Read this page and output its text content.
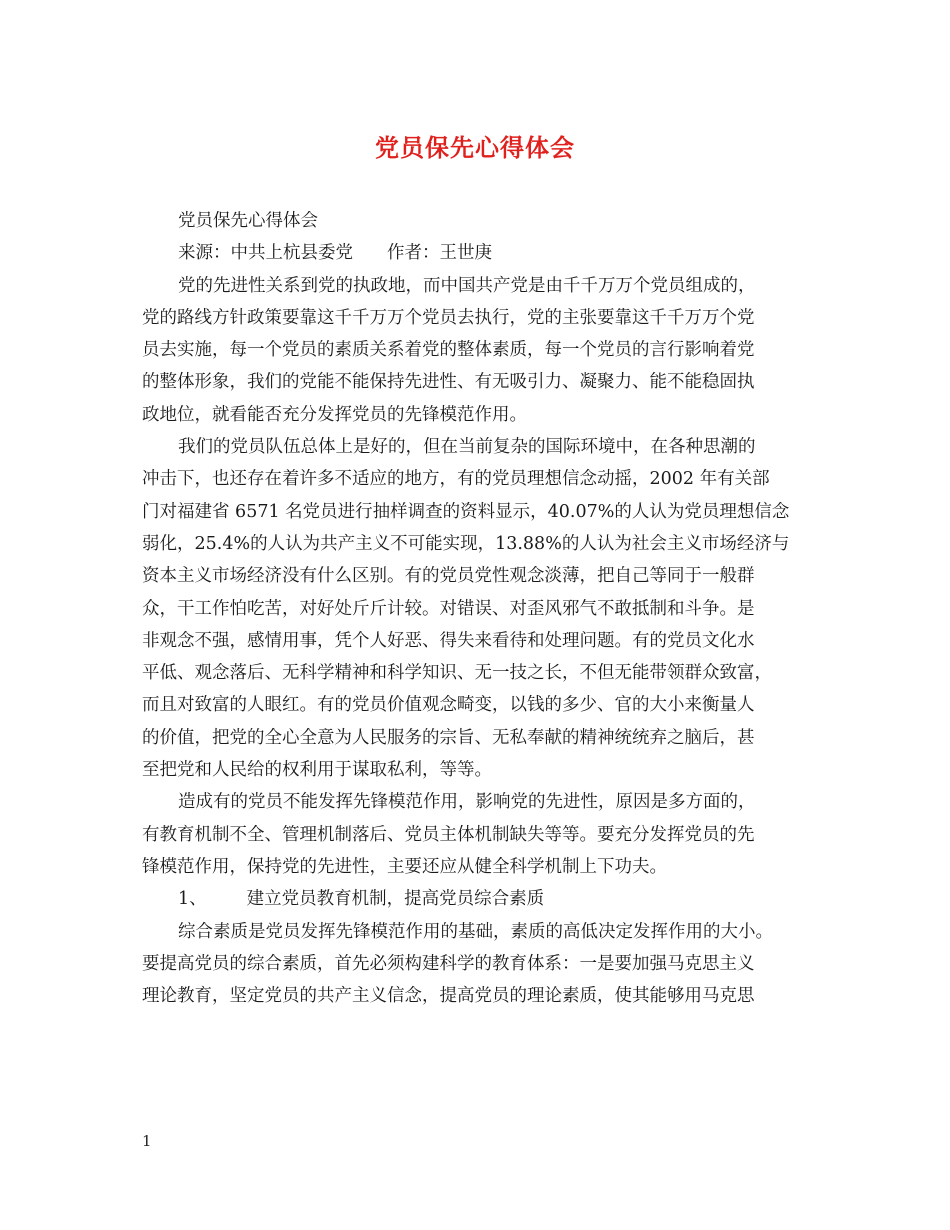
党员保先心得体会
党员保先心得体会
来源：中共上杭县委党 作者：王世庚
党的先进性关系到党的执政地，而中国共产党是由千千万万个党员组成的，
党的路线方针政策要靠这千千万万个党员去执行，党的主张要靠这千千万万个党
员去实施，每一个党员的素质关系着党的整体素质，每一个党员的言行影响着党
的整体形象，我们的党能不能保持先进性、有无吸引力、凝聚力、能不能稳固执
政地位，就看能否充分发挥党员的先锋模范作用。
我们的党员队伍总体上是好的，但在当前复杂的国际环境中，在各种思潮的
冲击下，也还存在着许多不适应的地方，有的党员理想信念动摇，2002 年有关部
门对福建省 6571 名党员进行抽样调查的资料显示，40.07%的人认为党员理想信念
弱化，25.4%的人认为共产主义不可能实现，13.88%的人认为社会主义市场经济与
资本主义市场经济没有什么区别。有的党员党性观念淡薄，把自己等同于一般群
众，干工作怕吃苦，对好处斤斤计较。对错误、对歪风邪气不敢抵制和斗争。是
非观念不强，感情用事，凭个人好恶、得失来看待和处理问题。有的党员文化水
平低、观念落后、无科学精神和科学知识、无一技之长，不但无能带领群众致富，
而且对致富的人眼红。有的党员价值观念畸变，以钱的多少、官的大小来衡量人
的价值，把党的全心全意为人民服务的宗旨、无私奉献的精神统统弃之脑后，甚
至把党和人民给的权利用于谋取私利，等等。
造成有的党员不能发挥先锋模范作用，影响党的先进性，原因是多方面的，
有教育机制不全、管理机制落后、党员主体机制缺失等等。要充分发挥党员的先
锋模范作用，保持党的先进性，主要还应从健全科学机制上下功夫。
1、 建立党员教育机制，提高党员综合素质
综合素质是党员发挥先锋模范作用的基础，素质的高低决定发挥作用的大小。
要提高党员的综合素质，首先必须构建科学的教育体系：一是要加强马克思主义
理论教育，坚定党员的共产主义信念，提高党员的理论素质，使其能够用马克思
1
